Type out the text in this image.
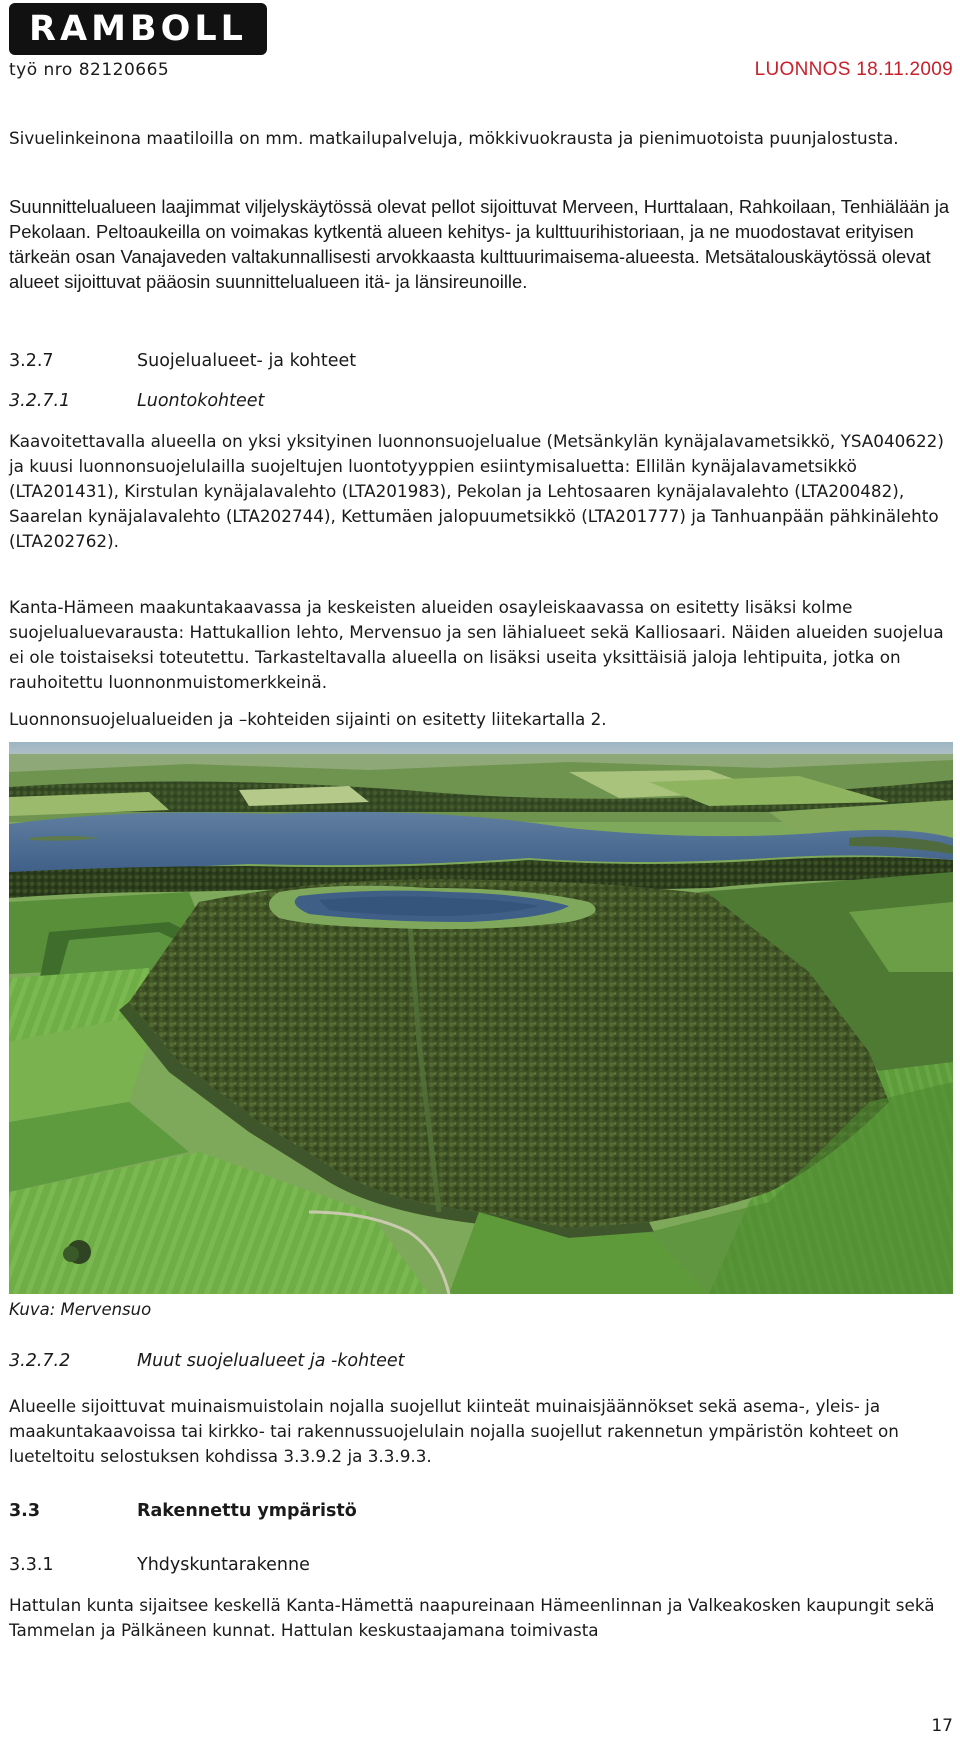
RAMBOLL
työ nro 82120665	LUONNOS 18.11.2009

Sivuelinkeinona maatiloilla on mm. matkailupalveluja, mökkivuokrausta ja pienimuotoista puunjalostusta.

Suunnittelualueen laajimmat viljelyskäytössä olevat pellot sijoittuvat Merveen, Hurttalaan, Rahkoilaan, Tenhiälään ja Pekolaan. Peltoaukeilla on voimakas kytkentä alueen kehitys- ja kulttuurihistoriaan, ja ne muodostavat erityisen tärkeän osan Vanajaveden valtakunnallisesti arvokkaasta kulttuurimaisema-alueesta. Metsätalouskäytössä olevat alueet sijoittuvat pääosin suunnittelualueen itä- ja länsireunoille.

3.2.7	Suojelualueet- ja kohteet
3.2.7.1	Luontokohteet

Kaavoitettavalla alueella on yksi yksityinen luonnonsuojelualue (Metsänkylän kynäjalavametsikkö, YSA040622) ja kuusi luonnonsuojelulailla suojeltujen luontotyyppien esiintymisaluetta: Ellilän kynäjalavametsikkö (LTA201431), Kirstulan kynäjalavalehto (LTA201983), Pekolan ja Lehtosaaren kynäjalavalehto (LTA200482), Saarelan kynäjalavalehto (LTA202744), Kettumäen jalopuumetsikkö (LTA201777) ja Tanhuanpään pähkinälehto (LTA202762).

Kanta-Hämeen maakuntakaavassa ja keskeisten alueiden osayleiskaavassa on esitetty lisäksi kolme suojelualuevarausta: Hattukallion lehto, Mervensuo ja sen lähialueet sekä Kalliosaari. Näiden alueiden suojelua ei ole toistaiseksi toteutettu. Tarkasteltavalla alueella on lisäksi useita yksittäisiä jaloja lehtipuita, jotka on rauhoitettu luonnonmuistomerkkeinä.

Luonnonsuojelualueiden ja –kohteiden sijainti on esitetty liitekartalla 2.

Kuva: Mervensuo
3.2.7.2	Muut suojelualueet ja -kohteet

Alueelle sijoittuvat muinaismuistolain nojalla suojellut kiinteät muinaisjäännökset sekä asema-, yleis- ja maakuntakaavoissa tai kirkko- tai rakennussuojelulain nojalla suojellut rakennetun ympäristön kohteet on lueteltoitu selostuksen kohdissa 3.3.9.2 ja 3.3.9.3.

3.3	Rakennettu ympäristö
3.3.1	Yhdyskuntarakenne

Hattulan kunta sijaitsee keskellä Kanta-Hämettä naapureinaan Hämeenlinnan ja Valkeakosken kaupungit sekä Tammelan ja Pälkäneen kunnat. Hattulan keskustaajamana toimivasta

17
